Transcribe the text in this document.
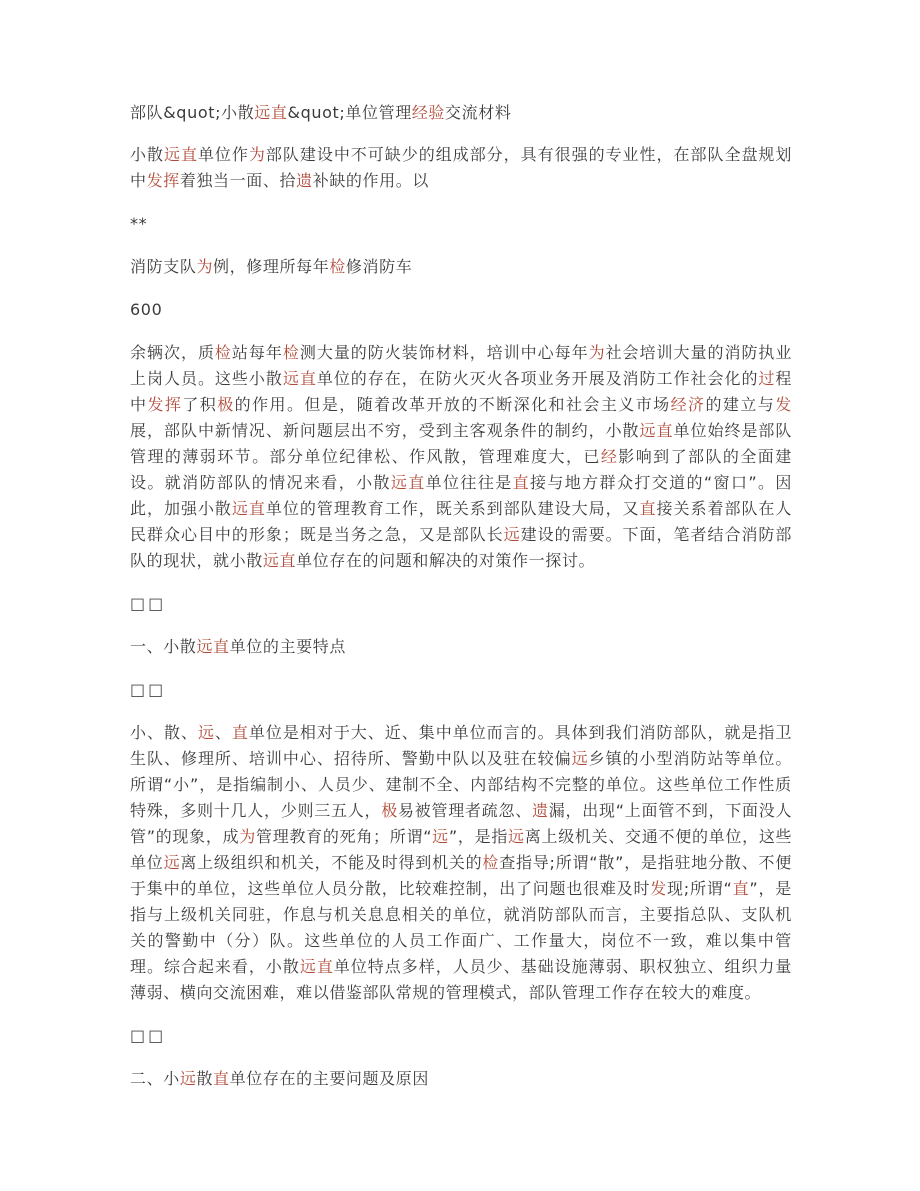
部队&quot;小散远直&quot;单位管理经验交流材料

小散远直单位作为部队建设中不可缺少的组成部分，具有很强的专业性，在部队全盘规划中发挥着独当一面、拾遗补缺的作用。以

**

消防支队为例，修理所每年检修消防车

600

余辆次，质检站每年检测大量的防火装饰材料，培训中心每年为社会培训大量的消防执业上岗人员。这些小散远直单位的存在，在防火灭火各项业务开展及消防工作社会化的过程中发挥了积极的作用。但是，随着改革开放的不断深化和社会主义市场经济的建立与发展，部队中新情况、新问题层出不穷，受到主客观条件的制约，小散远直单位始终是部队管理的薄弱环节。部分单位纪律松、作风散，管理难度大，已经影响到了部队的全面建设。就消防部队的情况来看，小散远直单位往往是直接与地方群众打交道的“窗口”。因此，加强小散远直单位的管理教育工作，既关系到部队建设大局，又直接关系着部队在人民群众心目中的形象；既是当务之急，又是部队长远建设的需要。下面，笔者结合消防部队的现状，就小散远直单位存在的问题和解决的对策作一探讨。

□□

一、小散远直单位的主要特点

□□

小、散、远、直单位是相对于大、近、集中单位而言的。具体到我们消防部队，就是指卫生队、修理所、培训中心、招待所、警勤中队以及驻在较偏远乡镇的小型消防站等单位。所谓“小”，是指编制小、人员少、建制不全、内部结构不完整的单位。这些单位工作性质特殊，多则十几人，少则三五人，极易被管理者疏忽、遗漏，出现“上面管不到，下面没人管”的现象，成为管理教育的死角；所谓“远”，是指远离上级机关、交通不便的单位，这些单位远离上级组织和机关，不能及时得到机关的检查指导;所谓“散”，是指驻地分散、不便于集中的单位，这些单位人员分散，比较难控制，出了问题也很难及时发现;所谓“直”，是指与上级机关同驻，作息与机关息息相关的单位，就消防部队而言，主要指总队、支队机关的警勤中（分）队。这些单位的人员工作面广、工作量大，岗位不一致，难以集中管理。综合起来看，小散远直单位特点多样，人员少、基础设施薄弱、职权独立、组织力量薄弱、横向交流困难，难以借鉴部队常规的管理模式，部队管理工作存在较大的难度。

□□

二、小远散直单位存在的主要问题及原因
